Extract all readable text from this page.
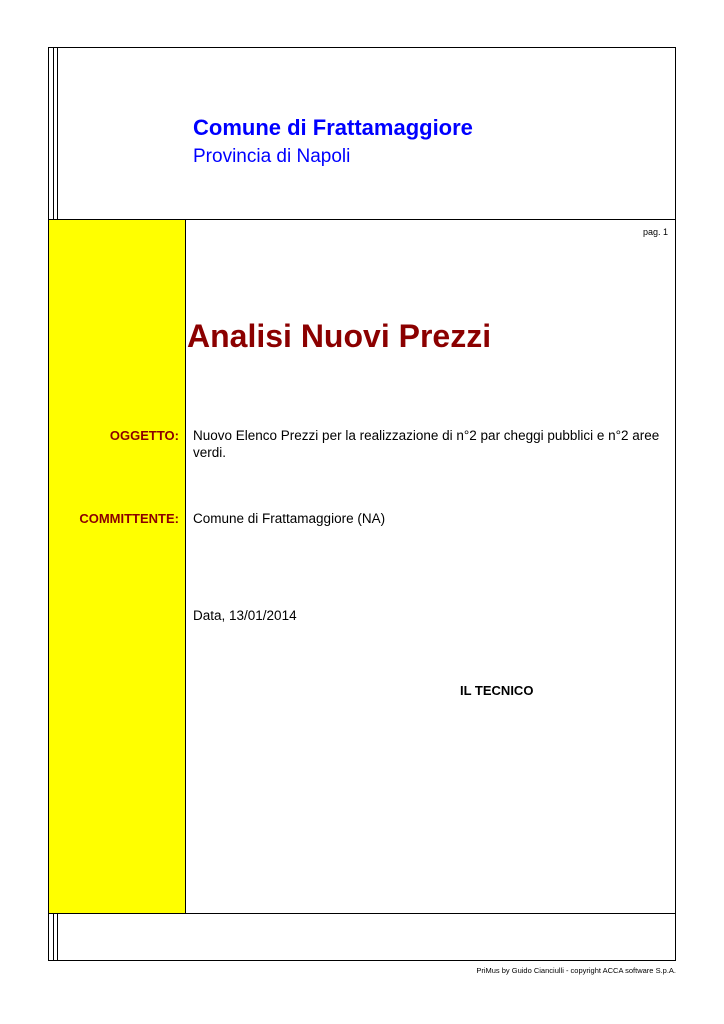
Comune di Frattamaggiore
Provincia di Napoli
pag. 1
Analisi Nuovi Prezzi
OGGETTO: Nuovo Elenco Prezzi per la realizzazione di n°2 par cheggi pubblici e n°2 aree verdi.
COMMITTENTE: Comune di Frattamaggiore (NA)
Data, 13/01/2014
IL TECNICO
PriMus by Guido Cianciulli - copyright ACCA software S.p.A.
